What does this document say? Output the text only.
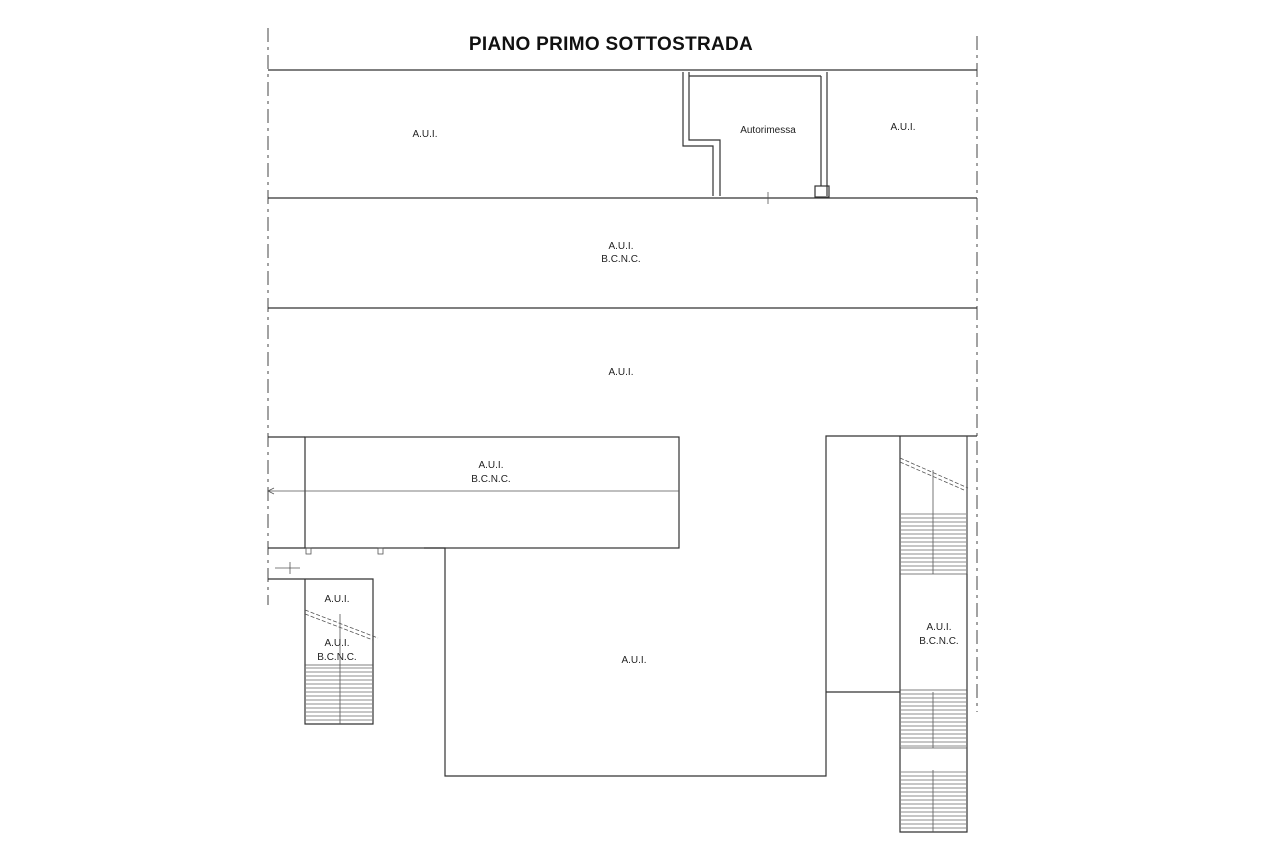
PIANO PRIMO SOTTOSTRADA
A.U.I.	Autorimessa	A.U.I.
A.U.I.
B.C.N.C.
A.U.I.
A.U.I.
B.C.N.C.
A.U.I.
A.U.I.
B.C.N.C.	A.U.I.
A.U.I.
B.C.N.C.
